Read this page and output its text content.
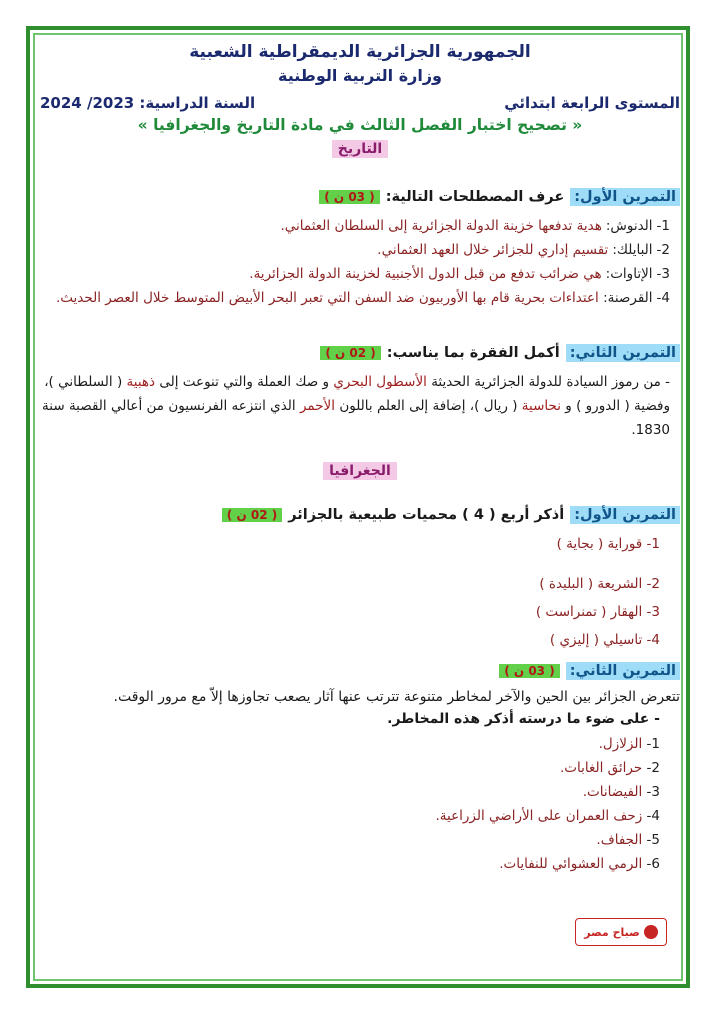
الجمهورية الجزائرية الديمقراطية الشعبية
وزارة التربية الوطنية
المستوى الرابعة ابتدائي
السنة الدراسية: 2023/ 2024
« تصحيح اختبار الفصل الثالث في مادة التاريخ والجغرافيا »
التاريخ
التمرين الأول:
عرف المصطلحات التالية:
( 03 ن )
1-
الدنوش:
هدية تدفعها خزينة الدولة الجزائرية إلى السلطان العثماني.
2-
البايلك:
تقسيم إداري للجزائر خلال العهد العثماني.
3-
الإتاوات:
هي ضرائب تدفع من قبل الدول الأجنبية لخزينة الدولة الجزائرية.
4-
القرصنة: اعتداءات بحرية قام بها الأوربيون ضد السفن التي تعبر البحر الأبيض المتوسط خلال العصر الحديث.
التمرين الثاني:
أكمل الفقرة بما يناسب:
( 02 ن )
- من رموز السيادة للدولة الجزائرية الحديثة الأسطول البحري و صك العملة والتي تنوعت إلى ذهبية ( السلطاني )، وفضية ( الدورو ) و نحاسية ( ريال )، إضافة إلى العلم باللون الأحمر الذي انتزعه الفرنسيون من أعالي القصبة سنة 1830.
الجغرافيا
التمرين الأول:
أذكر أربع ( 4 ) محميات طبيعية بالجزائر
( 02 ن )
1- قوراية ( بجاية )
2- الشريعة ( البليدة )
3- الهقار ( تمنراست )
4- تاسيلي ( إليزي )
التمرين الثاني:
( 03 ن )
تتعرض الجزائر بين الحين والآخر لمخاطر متنوعة تترتب عنها آثار يصعب تجاوزها إلاّ مع مرور الوقت.
- على ضوء ما درسته أذكر هذه المخاطر.
1- الزلازل.
2- حرائق الغابات.
3- الفيضانات.
4- زحف العمران على الأراضي الزراعية.
5- الجفاف.
6- الرمي العشوائي للنفايات.
صباح مصر
